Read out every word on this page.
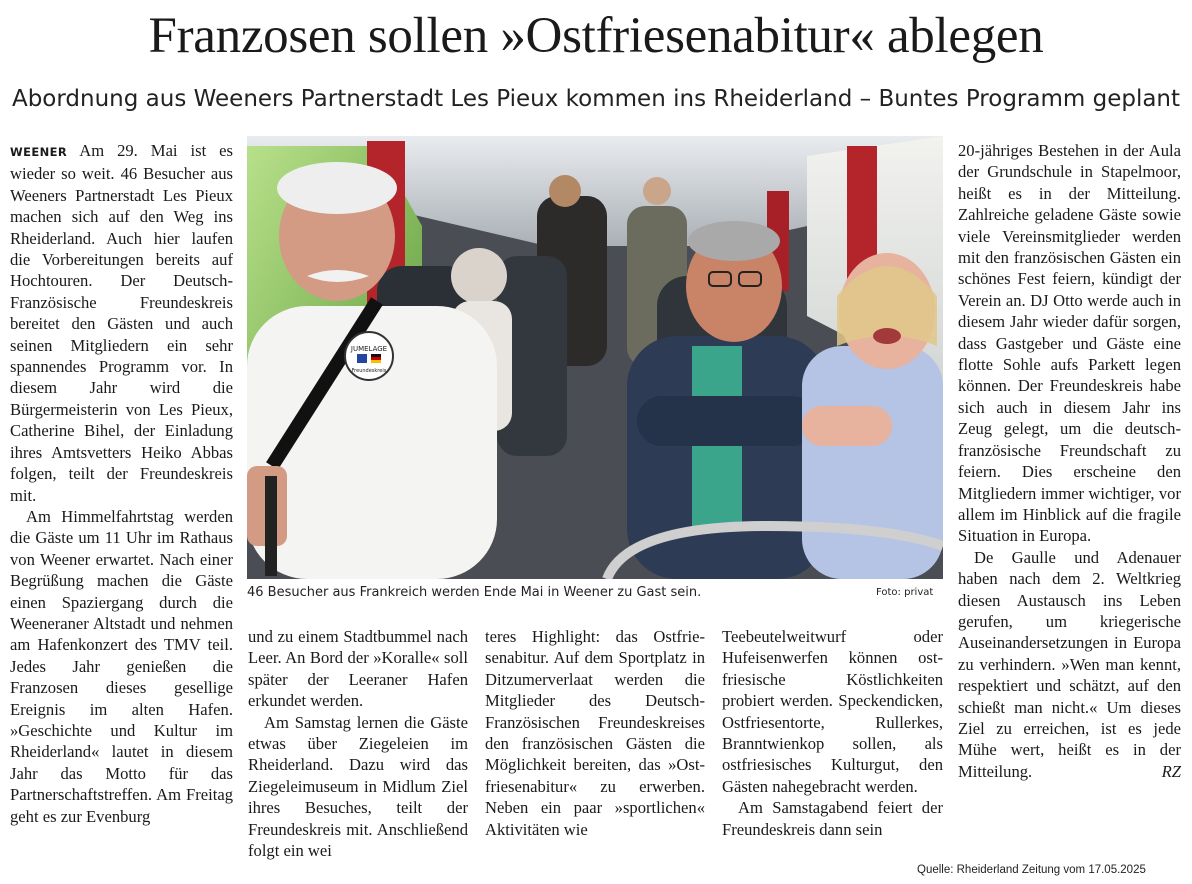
Franzosen sollen »Ostfriesenabitur« ablegen
Abordnung aus Weeners Partnerstadt Les Pieux kommen ins Rheiderland – Buntes Programm geplant

WEENER Am 29. Mai ist es wieder so weit. 46 Besucher aus Weeners Partnerstadt Les Pieux machen sich auf den Weg ins Rheiderland. Auch hier laufen die Vorbereitungen bereits auf Hochtouren. Der Deutsch-Französische Freundeskreis bereitet den Gästen und auch seinen Mitgliedern ein sehr spannendes Programm vor. In diesem Jahr wird die Bürgermeisterin von Les Pieux, Catherine Bihel, der Einladung ihres Amtsvetters Heiko Abbas folgen, teilt der Freundeskreis mit.

Am Himmelfahrtstag werden die Gäste um 11 Uhr im Rathaus von Weener erwartet. Nach einer Begrüßung machen die Gäste einen Spaziergang durch die Weeneraner Altstadt und nehmen am Hafenkonzert des TMV teil. Jedes Jahr genießen die Franzosen dieses gesellige Ereignis im alten Hafen. »Geschichte und Kultur im Rheiderland« lautet in diesem Jahr das Motto für das Partnerschaftstreffen. Am Freitag geht es zur Evenburg

JUMELAGE
Freundeskreis
46 Besucher aus Frankreich werden Ende Mai in Weener zu Gast sein.	Foto: privat

und zu einem Stadtbummel nach Leer. An Bord der »Koralle« soll später der Leeraner Hafen erkundet werden.

Am Samstag lernen die Gäste etwas über Ziegeleien im Rheiderland. Dazu wird das Ziegeleimuseum in Midlum Ziel ihres Besuches, teilt der Freundeskreis mit. Anschließend folgt ein wei

teres Highlight: das Ostfriesenabitur. Auf dem Sportplatz in Ditzumerverlaat werden die Mitglieder des Deutsch-Französischen Freundeskreises den französischen Gästen die Möglichkeit bereiten, das »Ostfriesenabitur« zu erwerben. Neben ein paar »sportlichen« Aktivitäten wie

Teebeutelweitwurf oder Hufeisenwerfen können ostfriesische Köstlichkeiten probiert werden. Speckendicken, Ostfriesentorte, Rullerkes, Branntwienkop sollen, als ostfriesisches Kulturgut, den Gästen nahegebracht werden.

Am Samstagabend feiert der Freundeskreis dann sein

20-jähriges Bestehen in der Aula der Grundschule in Stapelmoor, heißt es in der Mitteilung. Zahlreiche geladene Gäste sowie viele Vereinsmitglieder werden mit den französischen Gästen ein schönes Fest feiern, kündigt der Verein an. DJ Otto werde auch in diesem Jahr wieder dafür sorgen, dass Gastgeber und Gäste eine flotte Sohle aufs Parkett legen können. Der Freundeskreis habe sich auch in diesem Jahr ins Zeug gelegt, um die deutsch-französische Freundschaft zu feiern. Dies erscheine den Mitgliedern immer wichtiger, vor allem im Hinblick auf die fragile Situation in Europa.

De Gaulle und Adenauer haben nach dem 2. Weltkrieg diesen Austausch ins Leben gerufen, um kriegerische Auseinandersetzungen in Europa zu verhindern. »Wen man kennt, respektiert und schätzt, auf den schießt man nicht.« Um dieses Ziel zu erreichen, ist es jede Mühe wert, heißt es in der Mitteilung.	RZ

Quelle: Rheiderland Zeitung vom 17.05.2025
